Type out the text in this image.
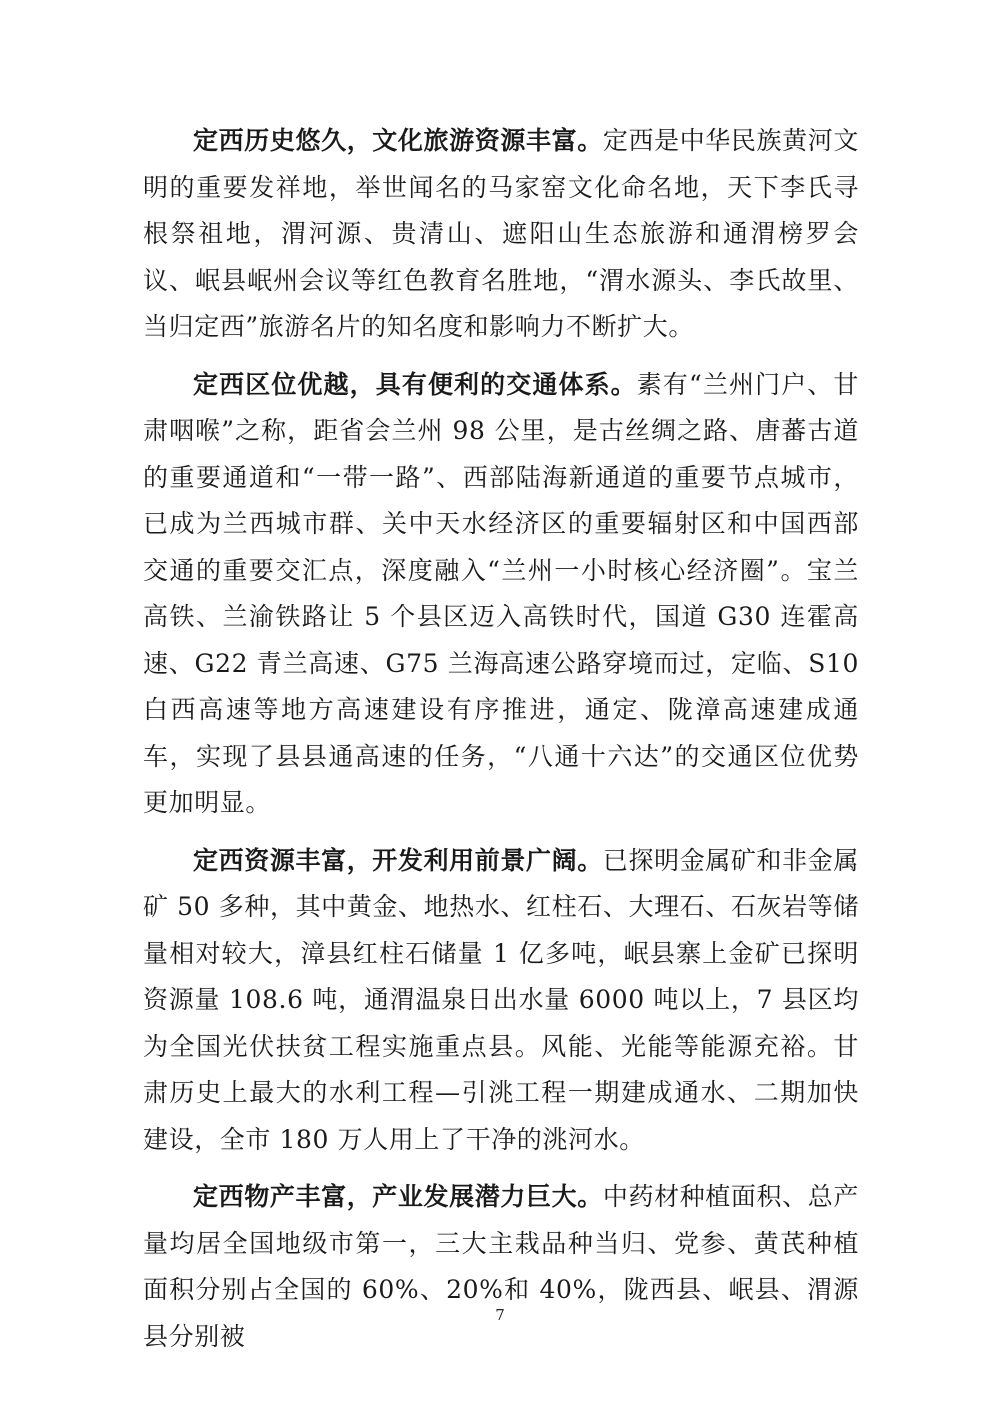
定西历史悠久，文化旅游资源丰富。定西是中华民族黄河文明的重要发祥地，举世闻名的马家窑文化命名地，天下李氏寻根祭祖地，渭河源、贵清山、遮阳山生态旅游和通渭榜罗会议、岷县岷州会议等红色教育名胜地，“渭水源头、李氏故里、当归定西”旅游名片的知名度和影响力不断扩大。

定西区位优越，具有便利的交通体系。素有“兰州门户、甘肃咽喉”之称，距省会兰州 98 公里，是古丝绸之路、唐蕃古道的重要通道和“一带一路”、西部陆海新通道的重要节点城市，已成为兰西城市群、关中天水经济区的重要辐射区和中国西部交通的重要交汇点，深度融入“兰州一小时核心经济圈”。宝兰高铁、兰渝铁路让 5 个县区迈入高铁时代，国道 G30 连霍高速、G22 青兰高速、G75 兰海高速公路穿境而过，定临、S10 白西高速等地方高速建设有序推进，通定、陇漳高速建成通车，实现了县县通高速的任务，“八通十六达”的交通区位优势更加明显。

定西资源丰富，开发利用前景广阔。已探明金属矿和非金属矿 50 多种，其中黄金、地热水、红柱石、大理石、石灰岩等储量相对较大，漳县红柱石储量 1 亿多吨，岷县寨上金矿已探明资源量 108.6 吨，通渭温泉日出水量 6000 吨以上，7 县区均为全国光伏扶贫工程实施重点县。风能、光能等能源充裕。甘肃历史上最大的水利工程—引洮工程一期建成通水、二期加快建设，全市 180 万人用上了干净的洮河水。

定西物产丰富，产业发展潜力巨大。中药材种植面积、总产量均居全国地级市第一，三大主栽品种当归、党参、黄芪种植面积分别占全国的 60%、20%和 40%，陇西县、岷县、渭源县分别被

7
